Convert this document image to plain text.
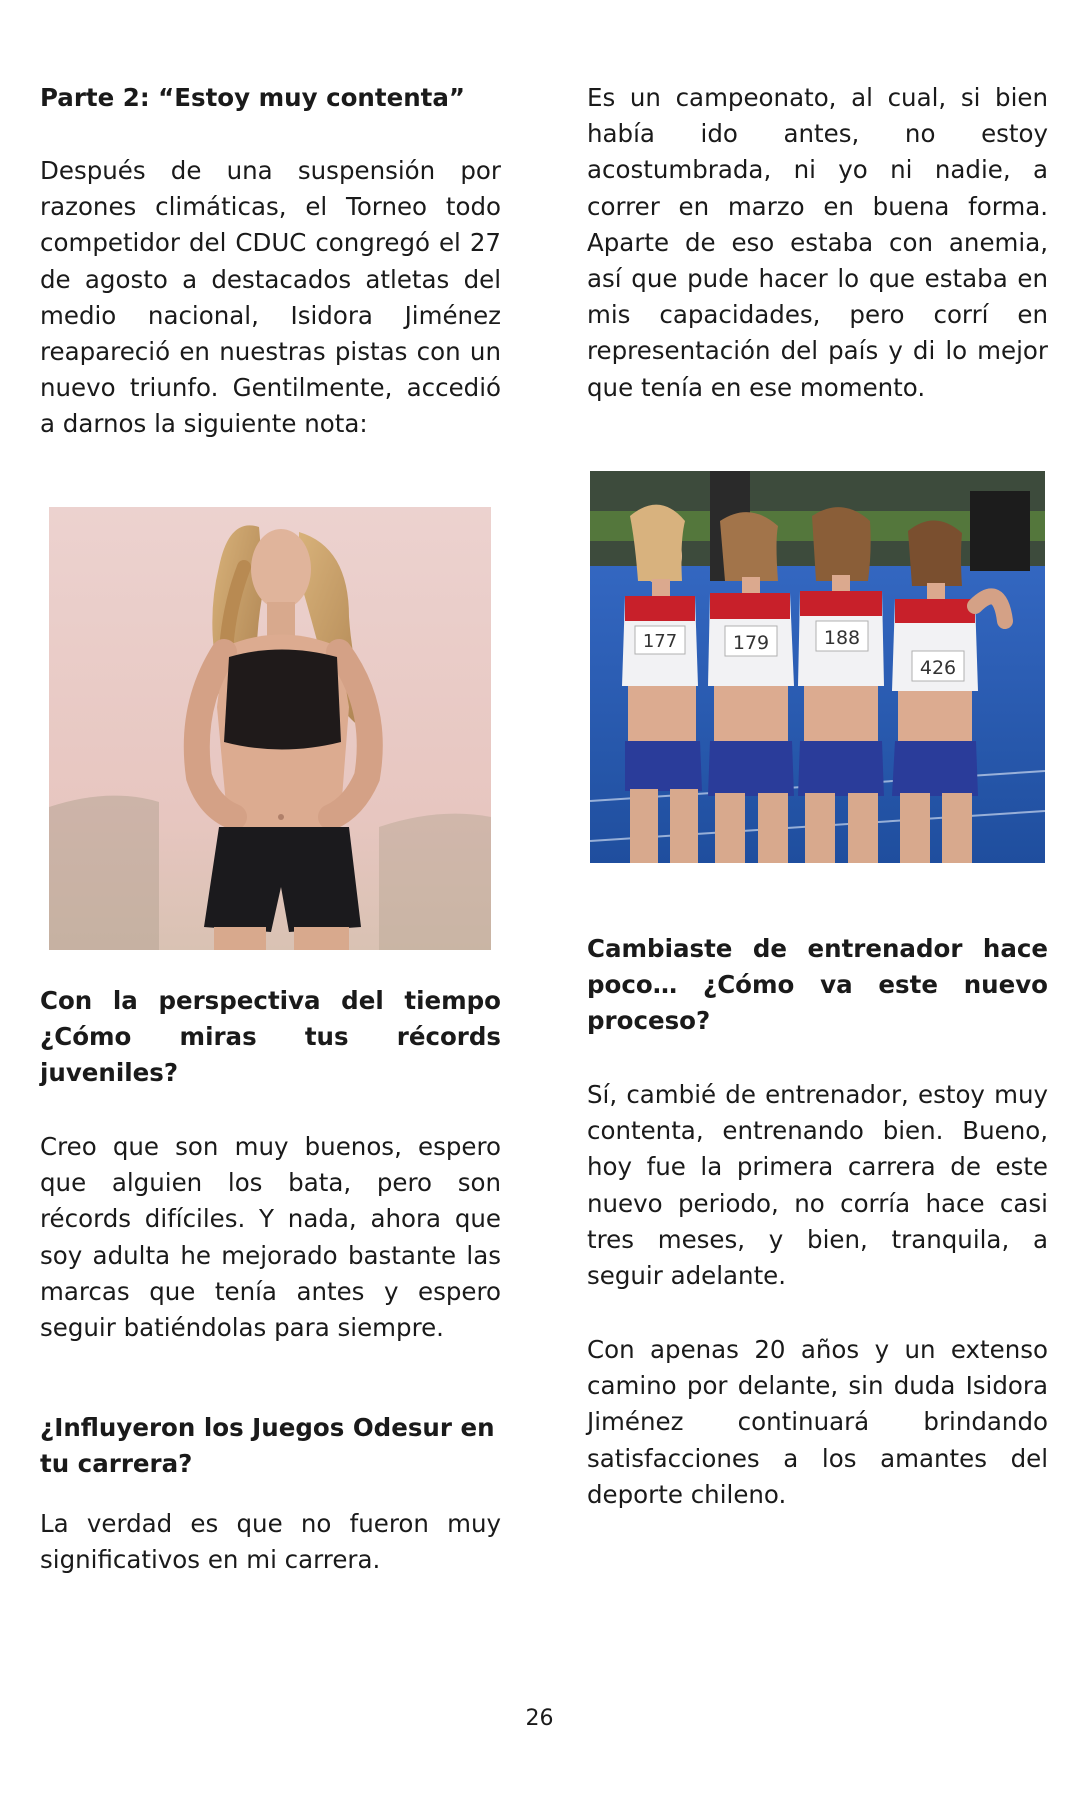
Parte 2: “Estoy muy contenta”

Después de una suspensión por razones climáticas, el Torneo todo competidor del CDUC congregó el 27 de agosto a destacados atletas del medio nacional, Isidora Jiménez reapareció en nuestras pistas con un nuevo triunfo. Gentilmente, accedió a darnos la siguiente nota:

Con la perspectiva del tiempo ¿Cómo miras tus récords juveniles?

Creo que son muy buenos, espero que alguien los bata, pero son récords difíciles. Y nada, ahora que soy adulta he mejorado bastante las marcas que tenía antes y espero seguir batiéndolas para siempre.

¿Influyeron los Juegos Odesur en tu carrera?

La verdad es que no fueron muy significativos en mi carrera.

Es un campeonato, al cual, si bien había ido antes, no estoy acostumbrada, ni yo ni nadie, a correr en marzo en buena forma. Aparte de eso estaba con anemia, así que pude hacer lo que estaba en mis capacidades, pero corrí en representación del país y di lo mejor que tenía en ese momento.

177	179	188
426
Cambiaste de entrenador hace poco… ¿Cómo va este nuevo proceso?

Sí, cambié de entrenador, estoy muy contenta, entrenando bien. Bueno, hoy fue la primera carrera de este nuevo periodo, no corría hace casi tres meses, y bien, tranquila, a seguir adelante.

Con apenas 20 años y un extenso camino por delante, sin duda Isidora Jiménez continuará brindando satisfacciones a los amantes del deporte chileno.

26
